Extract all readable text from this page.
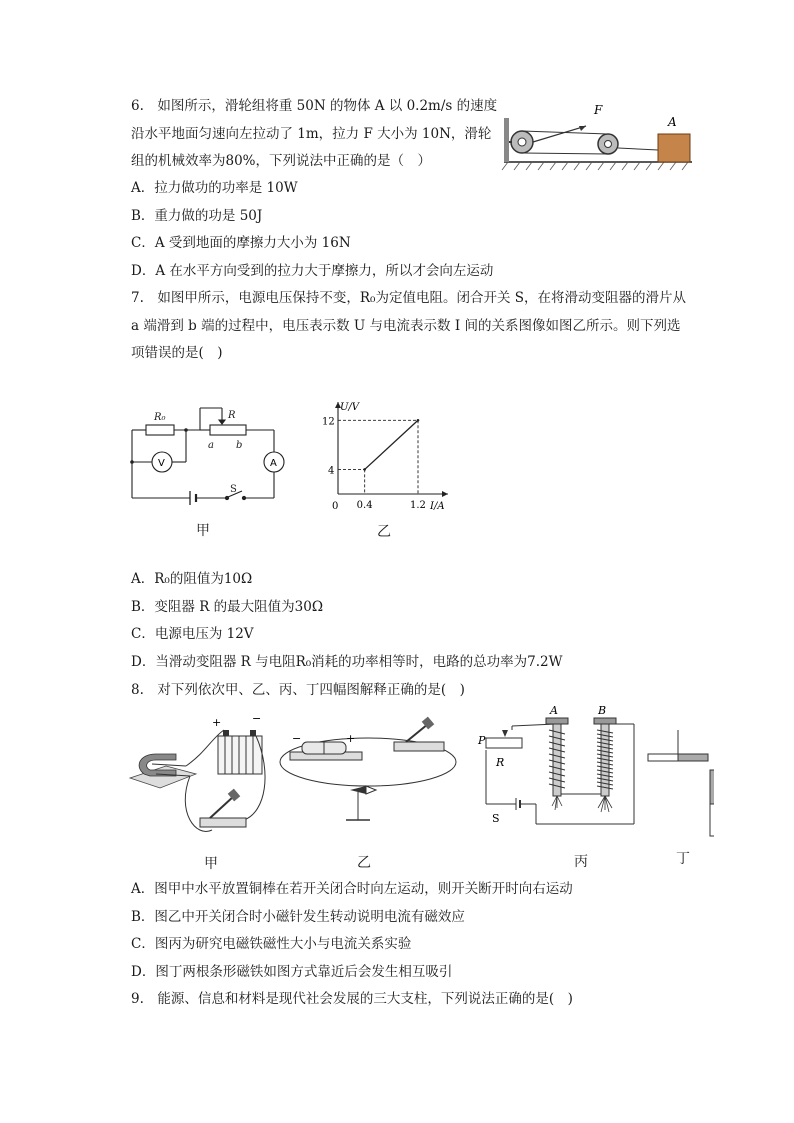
6.　如图所示，滑轮组将重 50N 的物体 A 以 0.2m/s 的速度
沿水平地面匀速向左拉动了 1m，拉力 F 大小为 10N，滑轮
组的机械效率为80%，下列说法中正确的是（　）
A．拉力做功的功率是 10W
B．重力做的功是 50J
C．A 受到地面的摩擦力大小为 16N
D．A 在水平方向受到的拉力大于摩擦力，所以才会向左运动
F
A
7.　如图甲所示，电源电压保持不变，R₀为定值电阻。闭合开关 S，在将滑动变阻器的滑片从
a 端滑到 b 端的过程中，电压表示数 U 与电流表示数 I 间的关系图像如图乙所示。则下列选
项错误的是(　)
R₀	R
a b
S
V	A
甲
U/V
I/A
0 0.4	1.2
4
12
乙
A．R₀的阻值为10Ω
B．变阻器 R 的最大阻值为30Ω
C．电源电压为 12V
D．当滑动变阻器 R 与电阻R₀消耗的功率相等时，电路的总功率为7.2W
8.　对下列依次甲、乙、丙、丁四幅图解释正确的是(　)
+	−
甲
−	+
乙
A	B
P
R
S
丙	丁
A．图甲中水平放置铜棒在若开关闭合时向左运动，则开关断开时向右运动
B．图乙中开关闭合时小磁针发生转动说明电流有磁效应
C．图丙为研究电磁铁磁性大小与电流关系实验
D．图丁两根条形磁铁如图方式靠近后会发生相互吸引
9.　能源、信息和材料是现代社会发展的三大支柱，下列说法正确的是(　)
